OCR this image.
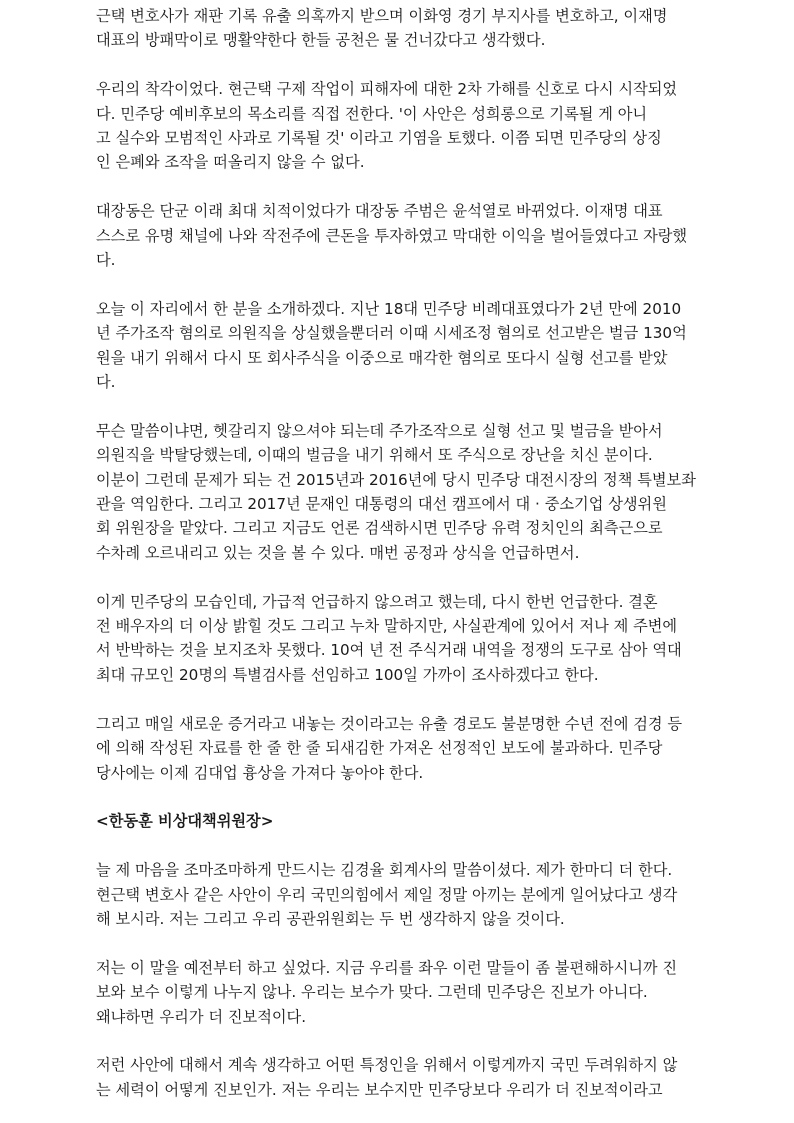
근택 변호사가 재판 기록 유출 의혹까지 받으며 이화영 경기 부지사를 변호하고, 이재명
대표의 방패막이로 맹활약한다 한들 공천은 물 건너갔다고 생각했다.
우리의 착각이었다. 현근택 구제 작업이 피해자에 대한 2차 가해를 신호로 다시 시작되었
다. 민주당 예비후보의 목소리를 직접 전한다. '이 사안은 성희롱으로 기록될 게 아니
고 실수와 모범적인 사과로 기록될 것' 이라고 기염을 토했다. 이쯤 되면 민주당의 상징
인 은폐와 조작을 떠올리지 않을 수 없다.
대장동은 단군 이래 최대 치적이었다가 대장동 주범은 윤석열로 바뀌었다. 이재명 대표
스스로 유명 채널에 나와 작전주에 큰돈을 투자하였고 막대한 이익을 벌어들였다고 자랑했
다.
오늘 이 자리에서 한 분을 소개하겠다. 지난 18대 민주당 비례대표였다가 2년 만에 2010
년 주가조작 혐의로 의원직을 상실했을뿐더러 이때 시세조정 혐의로 선고받은 벌금 130억
원을 내기 위해서 다시 또 회사주식을 이중으로 매각한 혐의로 또다시 실형 선고를 받았
다.
무슨 말씀이냐면, 헷갈리지 않으셔야 되는데 주가조작으로 실형 선고 및 벌금을 받아서
의원직을 박탈당했는데, 이때의 벌금을 내기 위해서 또 주식으로 장난을 치신 분이다.
이분이 그런데 문제가 되는 건 2015년과 2016년에 당시 민주당 대전시장의 정책 특별보좌
관을 역임한다. 그리고 2017년 문재인 대통령의 대선 캠프에서 대 · 중소기업 상생위원
회 위원장을 맡았다. 그리고 지금도 언론 검색하시면 민주당 유력 정치인의 최측근으로
수차례 오르내리고 있는 것을 볼 수 있다. 매번 공정과 상식을 언급하면서.
이게 민주당의 모습인데, 가급적 언급하지 않으려고 했는데, 다시 한번 언급한다. 결혼
전 배우자의 더 이상 밝힐 것도 그리고 누차 말하지만, 사실관계에 있어서 저나 제 주변에
서 반박하는 것을 보지조차 못했다. 10여 년 전 주식거래 내역을 정쟁의 도구로 삼아 역대
최대 규모인 20명의 특별검사를 선임하고 100일 가까이 조사하겠다고 한다.
그리고 매일 새로운 증거라고 내놓는 것이라고는 유출 경로도 불분명한 수년 전에 검경 등
에 의해 작성된 자료를 한 줄 한 줄 되새김한 가져온 선정적인 보도에 불과하다. 민주당
당사에는 이제 김대업 흉상을 가져다 놓아야 한다.
<한동훈 비상대책위원장>
늘 제 마음을 조마조마하게 만드시는 김경율 회계사의 말씀이셨다. 제가 한마디 더 한다.
현근택 변호사 같은 사안이 우리 국민의힘에서 제일 정말 아끼는 분에게 일어났다고 생각
해 보시라. 저는 그리고 우리 공관위원회는 두 번 생각하지 않을 것이다.
저는 이 말을 예전부터 하고 싶었다. 지금 우리를 좌우 이런 말들이 좀 불편해하시니까 진
보와 보수 이렇게 나누지 않나. 우리는 보수가 맞다. 그런데 민주당은 진보가 아니다.
왜냐하면 우리가 더 진보적이다.
저런 사안에 대해서 계속 생각하고 어떤 특정인을 위해서 이렇게까지 국민 두려워하지 않
는 세력이 어떻게 진보인가. 저는 우리는 보수지만 민주당보다 우리가 더 진보적이라고
